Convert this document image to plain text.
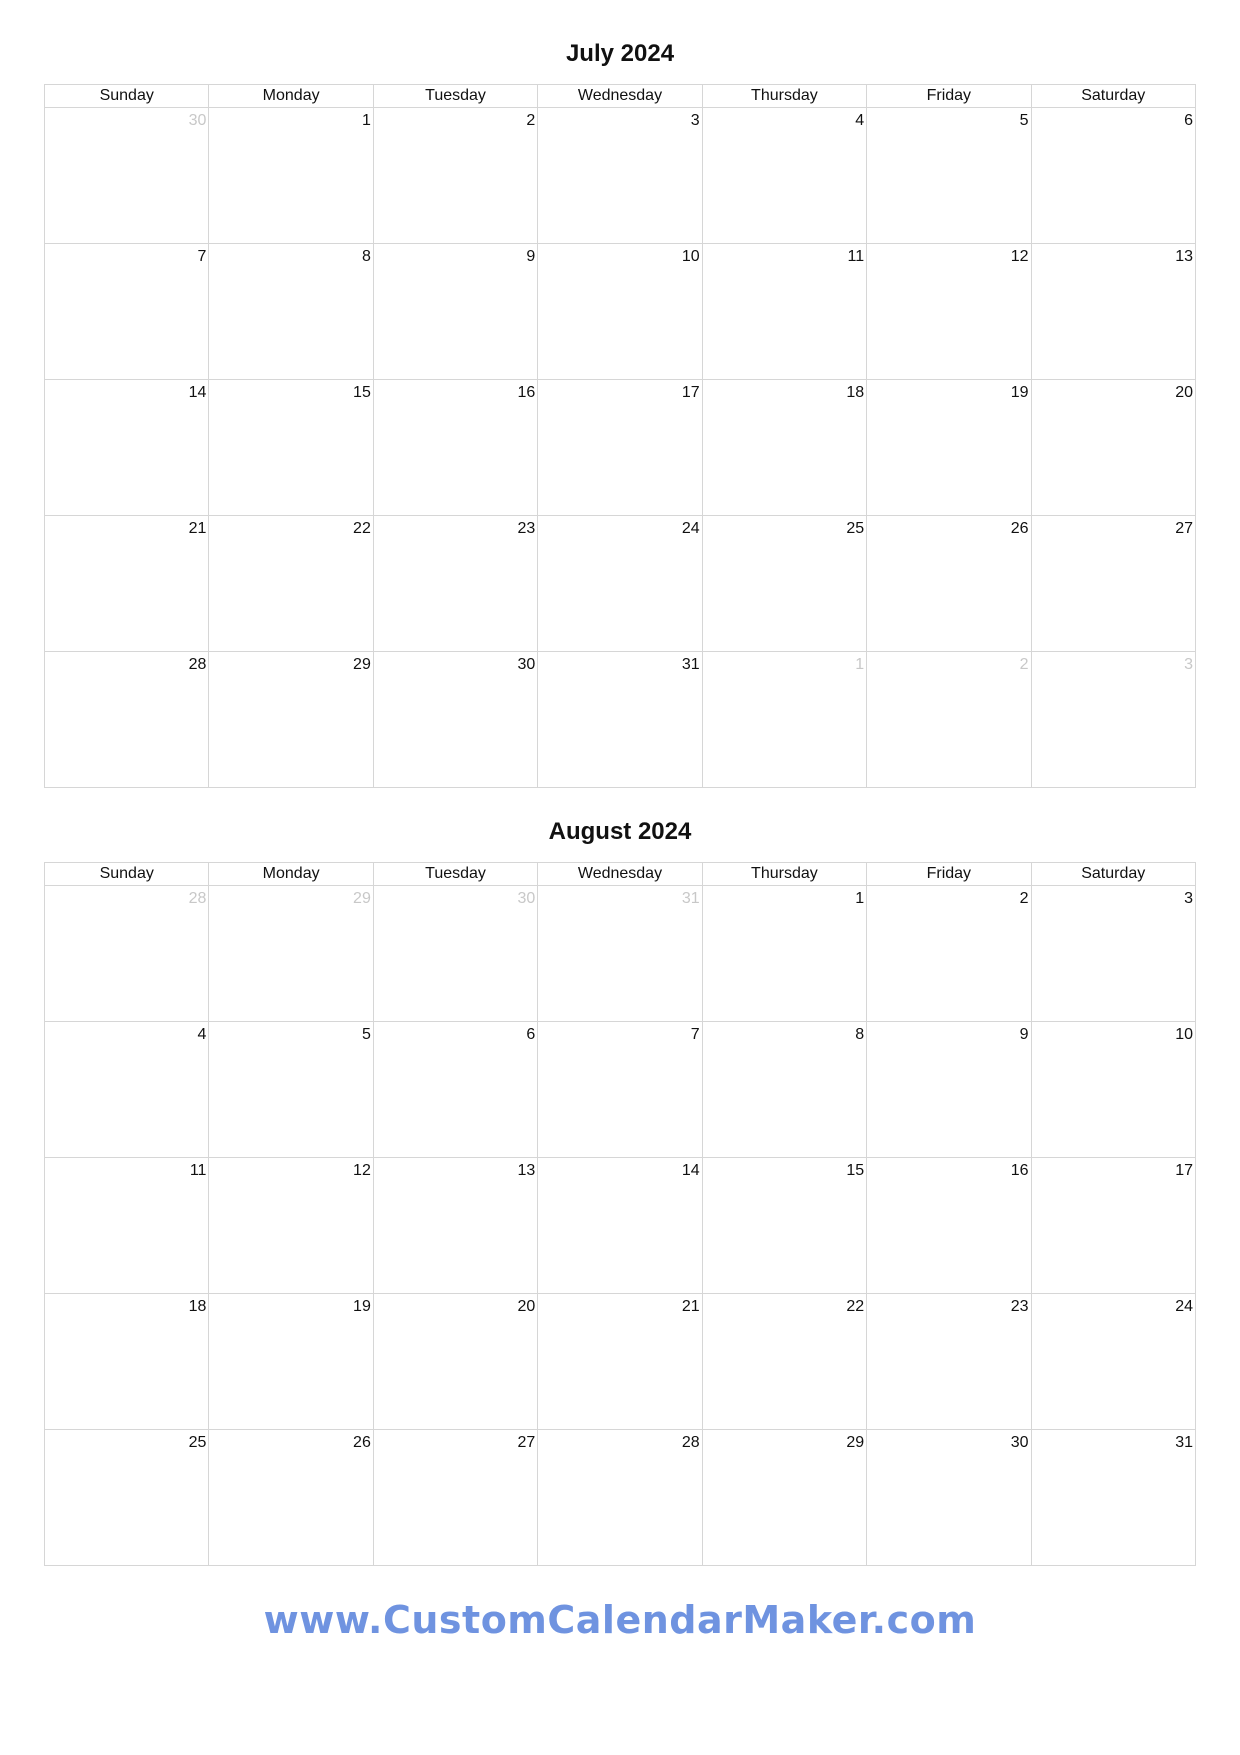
July 2024
Sunday	Monday	Tuesday	Wednesday	Thursday	Friday	Saturday

30	1	2	3	4	5	6

7	8	9	10	11	12	13

14	15	16	17	18	19	20

21	22	23	24	25	26	27

28	29	30	31	1	2	3
August 2024
Sunday	Monday	Tuesday	Wednesday	Thursday	Friday	Saturday

28	29	30	31	1	2	3

4	5	6	7	8	9	10

11	12	13	14	15	16	17

18	19	20	21	22	23	24

25	26	27	28	29	30	31
www.CustomCalendarMaker.com
